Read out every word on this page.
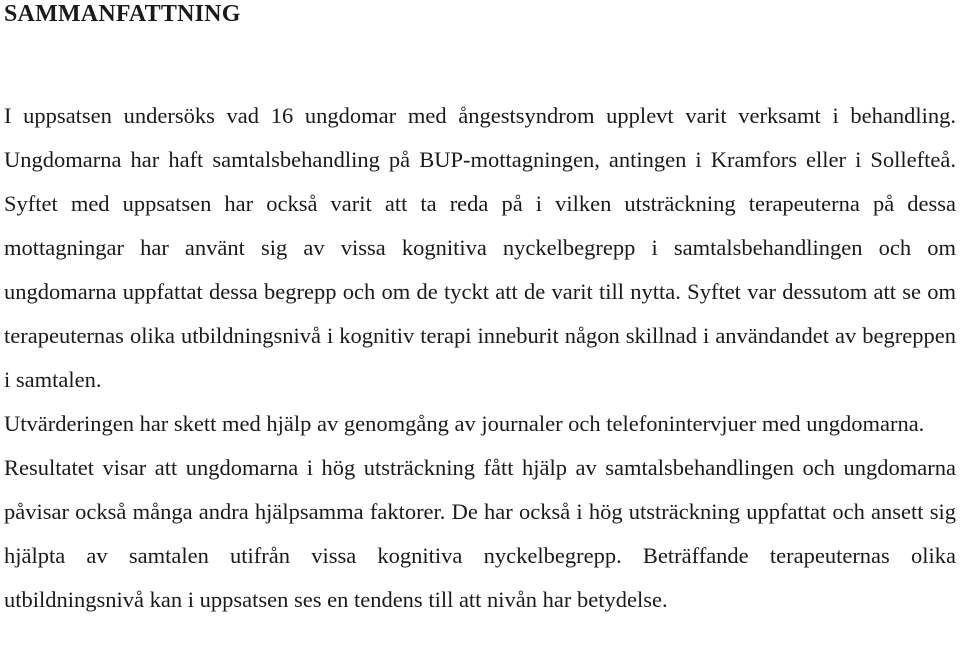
SAMMANFATTNING

I uppsatsen undersöks vad 16 ungdomar med ångestsyndrom upplevt varit verksamt i behandling. Ungdomarna har haft samtalsbehandling på BUP-mottagningen, antingen i Kramfors eller i Sollefteå. Syftet med uppsatsen har också varit att ta reda på i vilken utsträckning terapeuterna på dessa mottagningar har använt sig av vissa kognitiva nyckelbegrepp i samtalsbehandlingen och om ungdomarna uppfattat dessa begrepp och om de tyckt att de varit till nytta. Syftet var dessutom att se om terapeuternas olika utbildningsnivå i kognitiv terapi inneburit någon skillnad i användandet av begreppen i samtalen.

Utvärderingen har skett med hjälp av genomgång av journaler och telefonintervjuer med ungdomarna.

Resultatet visar att ungdomarna i hög utsträckning fått hjälp av samtalsbehandlingen och ungdomarna påvisar också många andra hjälpsamma faktorer. De har också i hög utsträckning uppfattat och ansett sig hjälpta av samtalen utifrån vissa kognitiva nyckelbegrepp. Beträffande terapeuternas olika utbildningsnivå kan i uppsatsen ses en tendens till att nivån har betydelse.
